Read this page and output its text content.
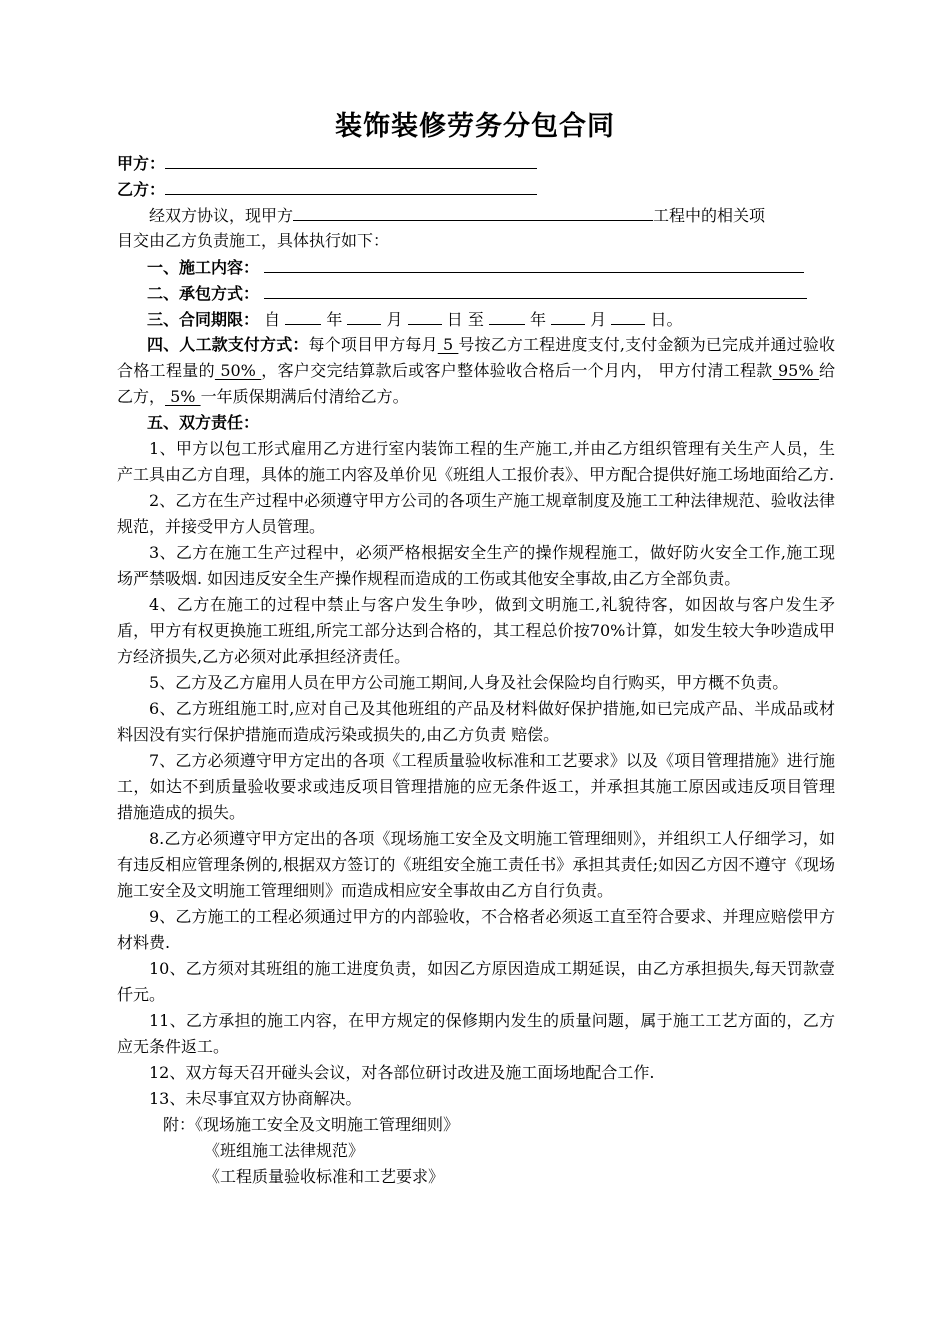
装饰装修劳务分包合同
甲方：
乙方：
经双方协议，现甲方	工程中的相关项
目交由乙方负责施工，具体执行如下：
一、施工内容：
二、承包方式：
三、合同期限： 自	年	月	日 至	年	月	日。
四、人工款支付方式：每个项目甲方每月 5 号按乙方工程进度支付,支付金额为已完成并通过验收合格工程量的 50% ，客户交完结算款后或客户整体验收合格后一个月内， 甲方付清工程款 95% 给乙方， 5% 一年质保期满后付清给乙方。
五、双方责任：
1、甲方以包工形式雇用乙方进行室内装饰工程的生产施工,并由乙方组织管理有关生产人员，生产工具由乙方自理，具体的施工内容及单价见《班组人工报价表》、甲方配合提供好施工场地面给乙方.
2、乙方在生产过程中必须遵守甲方公司的各项生产施工规章制度及施工工种法律规范、验收法律规范，并接受甲方人员管理。
3、乙方在施工生产过程中，必须严格根据安全生产的操作规程施工，做好防火安全工作,施工现场严禁吸烟. 如因违反安全生产操作规程而造成的工伤或其他安全事故,由乙方全部负责。
4、乙方在施工的过程中禁止与客户发生争吵，做到文明施工,礼貌待客，如因故与客户发生矛盾，甲方有权更换施工班组,所完工部分达到合格的，其工程总价按70%计算，如发生较大争吵造成甲方经济损失,乙方必须对此承担经济责任。
5、乙方及乙方雇用人员在甲方公司施工期间,人身及社会保险均自行购买，甲方概不负责。
6、乙方班组施工时,应对自己及其他班组的产品及材料做好保护措施,如已完成产品、半成品或材料因没有实行保护措施而造成污染或损失的,由乙方负责 赔偿。
7、乙方必须遵守甲方定出的各项《工程质量验收标准和工艺要求》以及《项目管理措施》进行施工，如达不到质量验收要求或违反项目管理措施的应无条件返工，并承担其施工原因或违反项目管理措施造成的损失。
8.乙方必须遵守甲方定出的各项《现场施工安全及文明施工管理细则》，并组织工人仔细学习，如有违反相应管理条例的,根据双方签订的《班组安全施工责任书》承担其责任;如因乙方因不遵守《现场施工安全及文明施工管理细则》而造成相应安全事故由乙方自行负责。
9、乙方施工的工程必须通过甲方的内部验收，不合格者必须返工直至符合要求、并理应赔偿甲方材料费.
10、乙方须对其班组的施工进度负责，如因乙方原因造成工期延误，由乙方承担损失,每天罚款壹仟元。
11、乙方承担的施工内容，在甲方规定的保修期内发生的质量问题，属于施工工艺方面的，乙方应无条件返工。
12、双方每天召开碰头会议，对各部位研讨改进及施工面场地配合工作.
13、未尽事宜双方协商解决。
附：《现场施工安全及文明施工管理细则》
《班组施工法律规范》
《工程质量验收标准和工艺要求》
